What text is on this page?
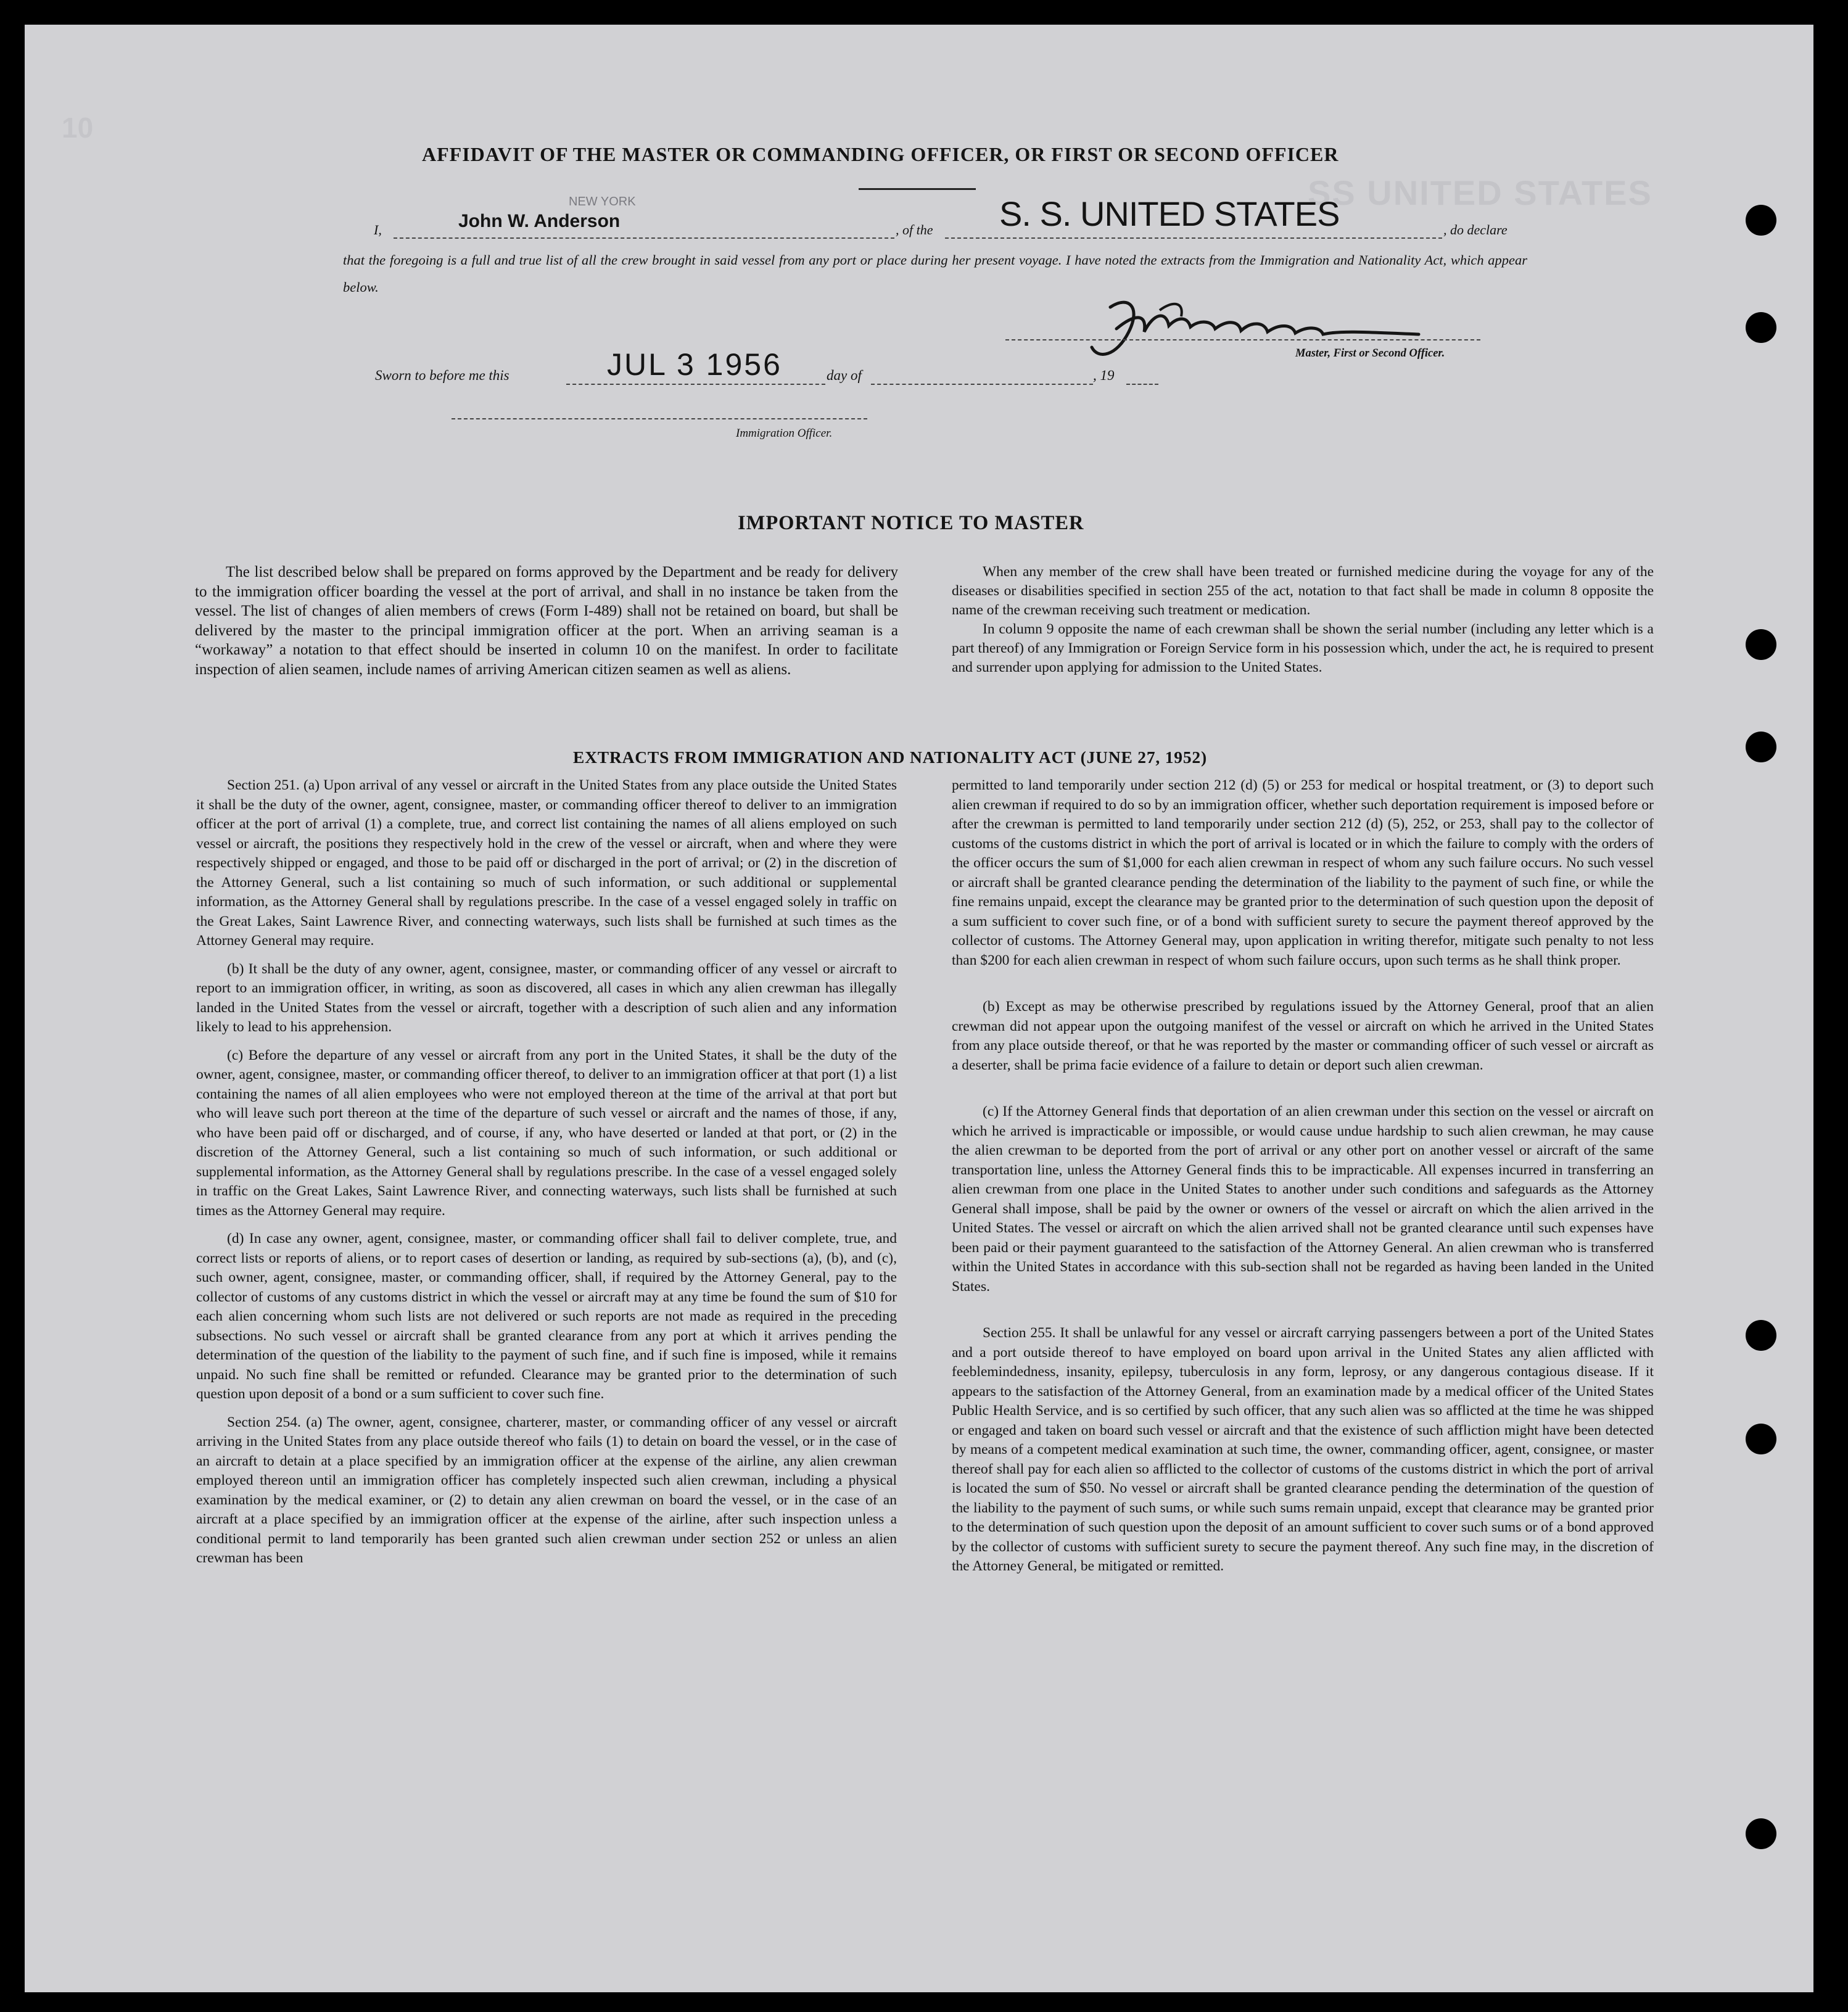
SS UNITED STATES
10
AFFIDAVIT OF THE MASTER OR COMMANDING OFFICER, OR FIRST OR SECOND OFFICER
I,	John W. Anderson
NEW YORK
, of the S. S. UNITED STATES	, do declare
that the foregoing is a full and true list of all the crew brought in said vessel from any port or place during her present voyage. I have noted the extracts from the Immigration and Nationality Act, which appear below.
Master, First or Second Officer.
Sworn to before me this	JUL 3 1956	day of	, 19
Immigration Officer.
IMPORTANT NOTICE TO MASTER

The list described below shall be prepared on forms approved by the Department and be ready for delivery to the immigration officer boarding the vessel at the port of arrival, and shall in no instance be taken from the vessel. The list of changes of alien members of crews (Form I-489) shall not be retained on board, but shall be delivered by the master to the principal immigration officer at the port. When an arriving seaman is a “workaway” a notation to that effect should be inserted in column 10 on the manifest. In order to facilitate inspection of alien seamen, include names of arriving American citizen seamen as well as aliens.

When any member of the crew shall have been treated or furnished medicine during the voyage for any of the diseases or disabilities specified in section 255 of the act, notation to that fact shall be made in column 8 opposite the name of the crewman receiving such treatment or medication.

In column 9 opposite the name of each crewman shall be shown the serial number (including any letter which is a part thereof) of any Immigration or Foreign Service form in his possession which, under the act, he is required to present and surrender upon applying for admission to the United States.

EXTRACTS FROM IMMIGRATION AND NATIONALITY ACT (JUNE 27, 1952)

Section 251. (a) Upon arrival of any vessel or aircraft in the United States from any place outside the United States it shall be the duty of the owner, agent, consignee, master, or commanding officer thereof to deliver to an immigration officer at the port of arrival (1) a complete, true, and correct list containing the names of all aliens employed on such vessel or aircraft, the positions they respectively hold in the crew of the vessel or aircraft, when and where they were respectively shipped or engaged, and those to be paid off or discharged in the port of arrival; or (2) in the discretion of the Attorney General, such a list containing so much of such information, or such additional or supplemental information, as the Attorney General shall by regulations prescribe. In the case of a vessel engaged solely in traffic on the Great Lakes, Saint Lawrence River, and connecting waterways, such lists shall be furnished at such times as the Attorney General may require.

(b) It shall be the duty of any owner, agent, consignee, master, or commanding officer of any vessel or aircraft to report to an immigration officer, in writing, as soon as discovered, all cases in which any alien crewman has illegally landed in the United States from the vessel or aircraft, together with a description of such alien and any information likely to lead to his apprehension.

(c) Before the departure of any vessel or aircraft from any port in the United States, it shall be the duty of the owner, agent, consignee, master, or commanding officer thereof, to deliver to an immigration officer at that port (1) a list containing the names of all alien employees who were not employed thereon at the time of the arrival at that port but who will leave such port thereon at the time of the departure of such vessel or aircraft and the names of those, if any, who have been paid off or discharged, and of course, if any, who have deserted or landed at that port, or (2) in the discretion of the Attorney General, such a list containing so much of such information, or such additional or supplemental information, as the Attorney General shall by regulations prescribe. In the case of a vessel engaged solely in traffic on the Great Lakes, Saint Lawrence River, and connecting waterways, such lists shall be furnished at such times as the Attorney General may require.

(d) In case any owner, agent, consignee, master, or commanding officer shall fail to deliver complete, true, and correct lists or reports of aliens, or to report cases of desertion or landing, as required by sub-sections (a), (b), and (c), such owner, agent, consignee, master, or commanding officer, shall, if required by the Attorney General, pay to the collector of customs of any customs district in which the vessel or aircraft may at any time be found the sum of $10 for each alien concerning whom such lists are not delivered or such reports are not made as required in the preceding subsections. No such vessel or aircraft shall be granted clearance from any port at which it arrives pending the determination of the question of the liability to the payment of such fine, and if such fine is imposed, while it remains unpaid. No such fine shall be remitted or refunded. Clearance may be granted prior to the determination of such question upon deposit of a bond or a sum sufficient to cover such fine.

Section 254. (a) The owner, agent, consignee, charterer, master, or commanding officer of any vessel or aircraft arriving in the United States from any place outside thereof who fails (1) to detain on board the vessel, or in the case of an aircraft to detain at a place specified by an immigration officer at the expense of the airline, any alien crewman employed thereon until an immigration officer has completely inspected such alien crewman, including a physical examination by the medical examiner, or (2) to detain any alien crewman on board the vessel, or in the case of an aircraft at a place specified by an immigration officer at the expense of the airline, after such inspection unless a conditional permit to land temporarily has been granted such alien crewman under section 252 or unless an alien crewman has been

permitted to land temporarily under section 212 (d) (5) or 253 for medical or hospital treatment, or (3) to deport such alien crewman if required to do so by an immigration officer, whether such deportation requirement is imposed before or after the crewman is permitted to land temporarily under section 212 (d) (5), 252, or 253, shall pay to the collector of customs of the customs district in which the port of arrival is located or in which the failure to comply with the orders of the officer occurs the sum of $1,000 for each alien crewman in respect of whom any such failure occurs. No such vessel or aircraft shall be granted clearance pending the determination of the liability to the payment of such fine, or while the fine remains unpaid, except the clearance may be granted prior to the determination of such question upon the deposit of a sum sufficient to cover such fine, or of a bond with sufficient surety to secure the payment thereof approved by the collector of customs. The Attorney General may, upon application in writing therefor, mitigate such penalty to not less than $200 for each alien crewman in respect of whom such failure occurs, upon such terms as he shall think proper.

(b) Except as may be otherwise prescribed by regulations issued by the Attorney General, proof that an alien crewman did not appear upon the outgoing manifest of the vessel or aircraft on which he arrived in the United States from any place outside thereof, or that he was reported by the master or commanding officer of such vessel or aircraft as a deserter, shall be prima facie evidence of a failure to detain or deport such alien crewman.

(c) If the Attorney General finds that deportation of an alien crewman under this section on the vessel or aircraft on which he arrived is impracticable or impossible, or would cause undue hardship to such alien crewman, he may cause the alien crewman to be deported from the port of arrival or any other port on another vessel or aircraft of the same transportation line, unless the Attorney General finds this to be impracticable. All expenses incurred in transferring an alien crewman from one place in the United States to another under such conditions and safeguards as the Attorney General shall impose, shall be paid by the owner or owners of the vessel or aircraft on which the alien arrived in the United States. The vessel or aircraft on which the alien arrived shall not be granted clearance until such expenses have been paid or their payment guaranteed to the satisfaction of the Attorney General. An alien crewman who is transferred within the United States in accordance with this sub-section shall not be regarded as having been landed in the United States.

Section 255. It shall be unlawful for any vessel or aircraft carrying passengers between a port of the United States and a port outside thereof to have employed on board upon arrival in the United States any alien afflicted with feeblemindedness, insanity, epilepsy, tuberculosis in any form, leprosy, or any dangerous contagious disease. If it appears to the satisfaction of the Attorney General, from an examination made by a medical officer of the United States Public Health Service, and is so certified by such officer, that any such alien was so afflicted at the time he was shipped or engaged and taken on board such vessel or aircraft and that the existence of such affliction might have been detected by means of a competent medical examination at such time, the owner, commanding officer, agent, consignee, or master thereof shall pay for each alien so afflicted to the collector of customs of the customs district in which the port of arrival is located the sum of $50. No vessel or aircraft shall be granted clearance pending the determination of the question of the liability to the payment of such sums, or while such sums remain unpaid, except that clearance may be granted prior to the determination of such question upon the deposit of an amount sufficient to cover such sums or of a bond approved by the collector of customs with sufficient surety to secure the payment thereof. Any such fine may, in the discretion of the Attorney General, be mitigated or remitted.
